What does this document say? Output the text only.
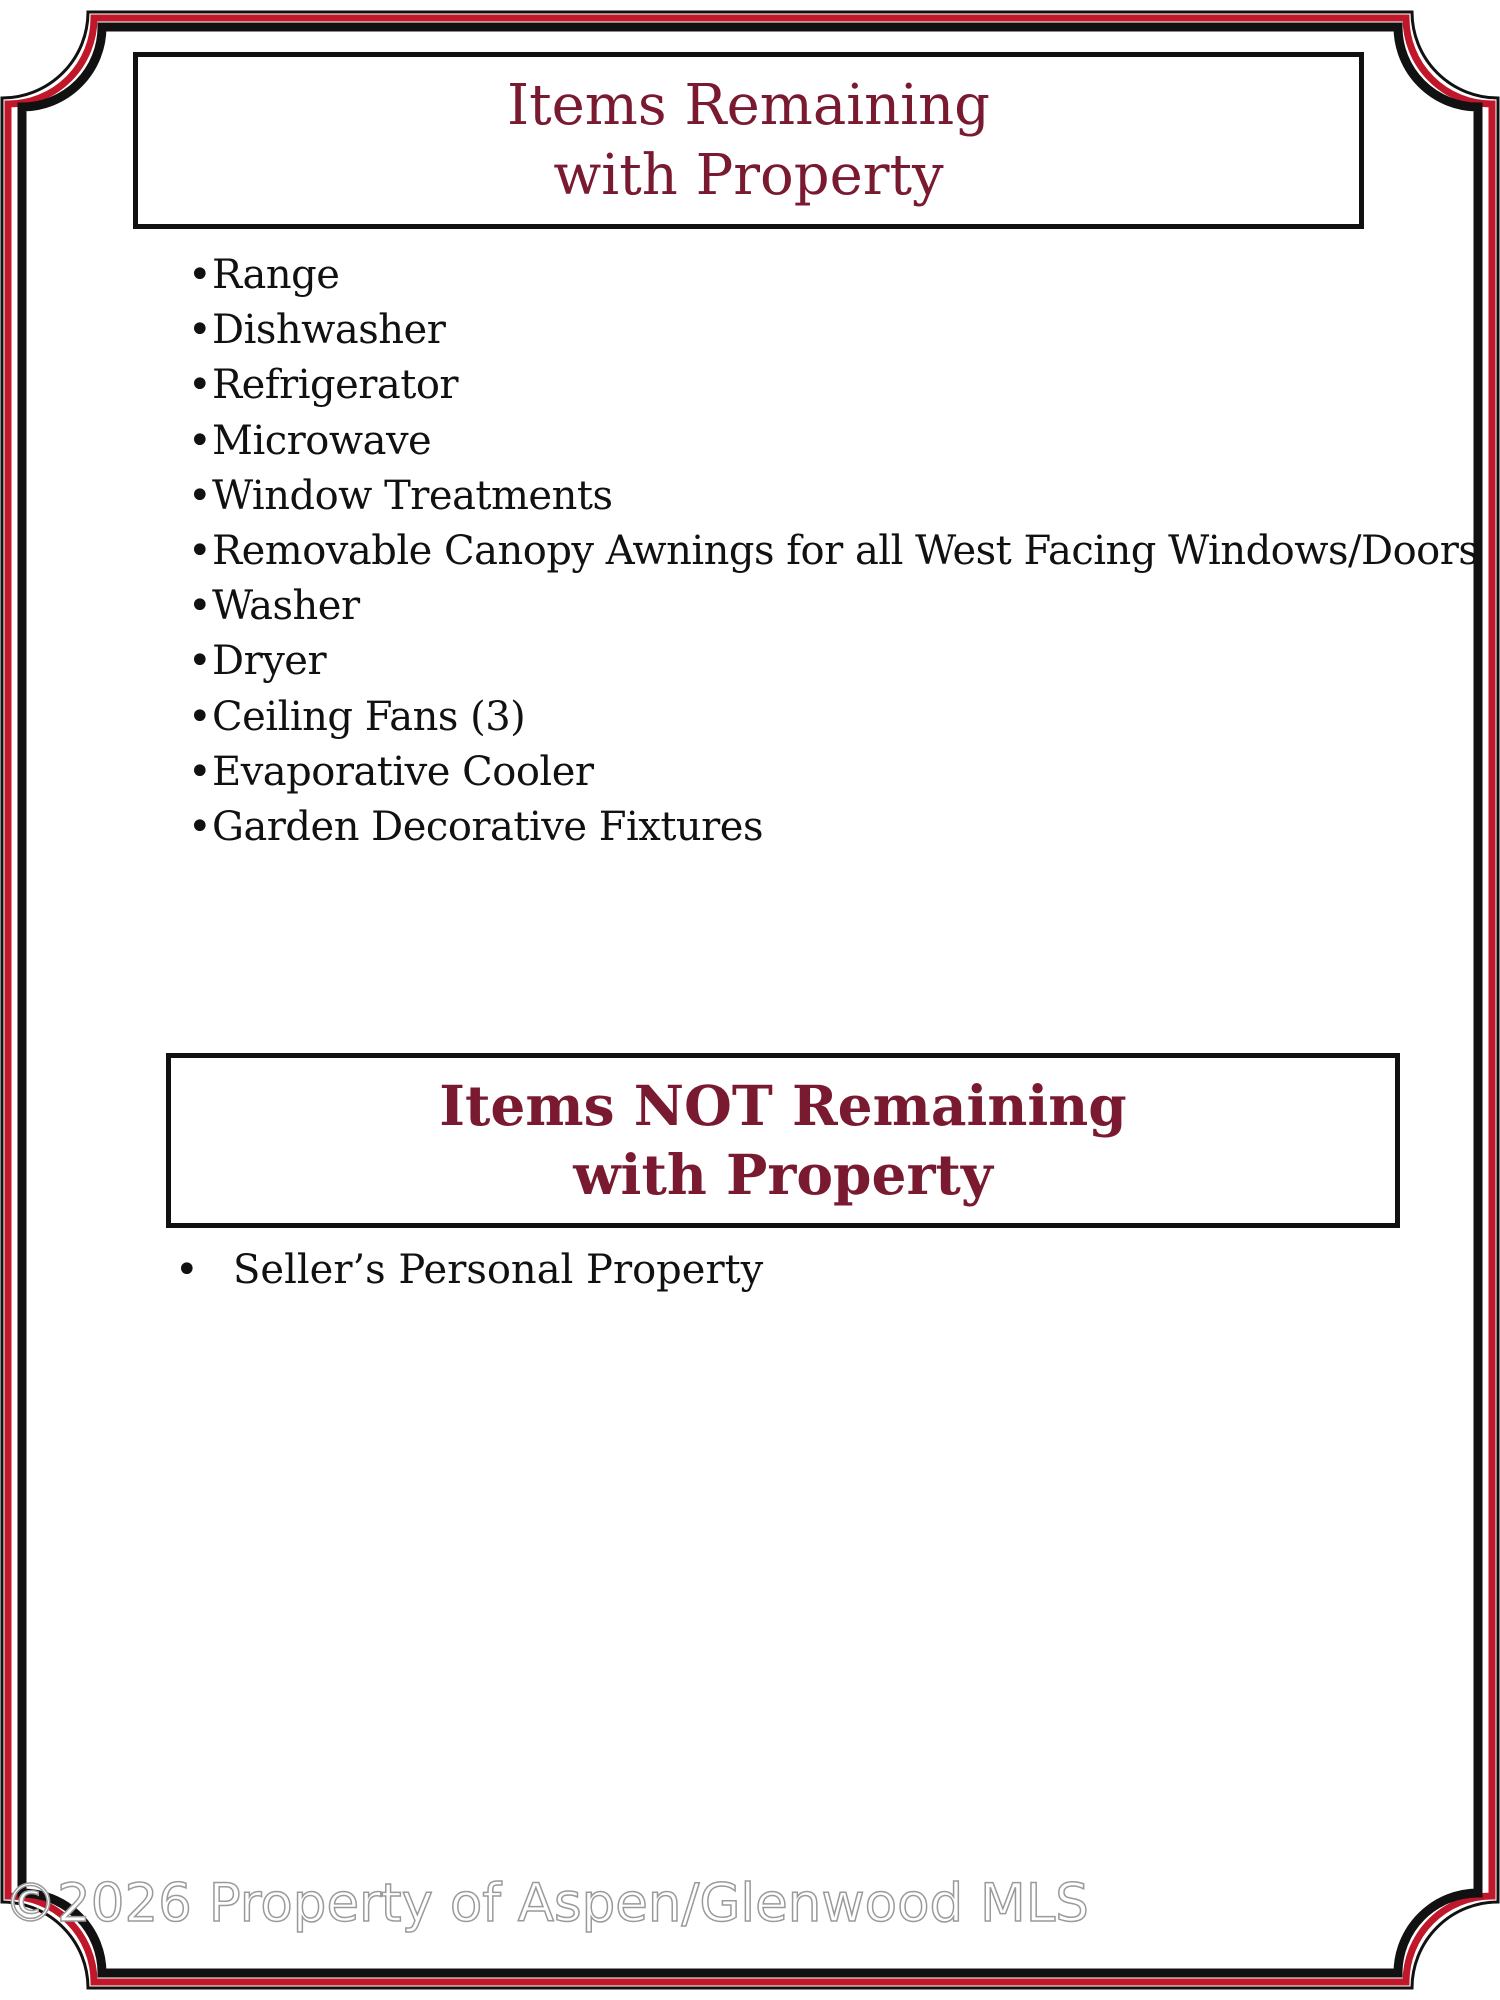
Items Remaining
with Property
•Range
•Dishwasher
•Refrigerator
•Microwave
•Window Treatments
•Removable Canopy Awnings for all West Facing Windows/Doors
•Washer
•Dryer
•Ceiling Fans (3)
•Evaporative Cooler
•Garden Decorative Fixtures
Items NOT Remaining
with Property
• Seller’s Personal Property
©2026 Property of Aspen/Glenwood MLS
